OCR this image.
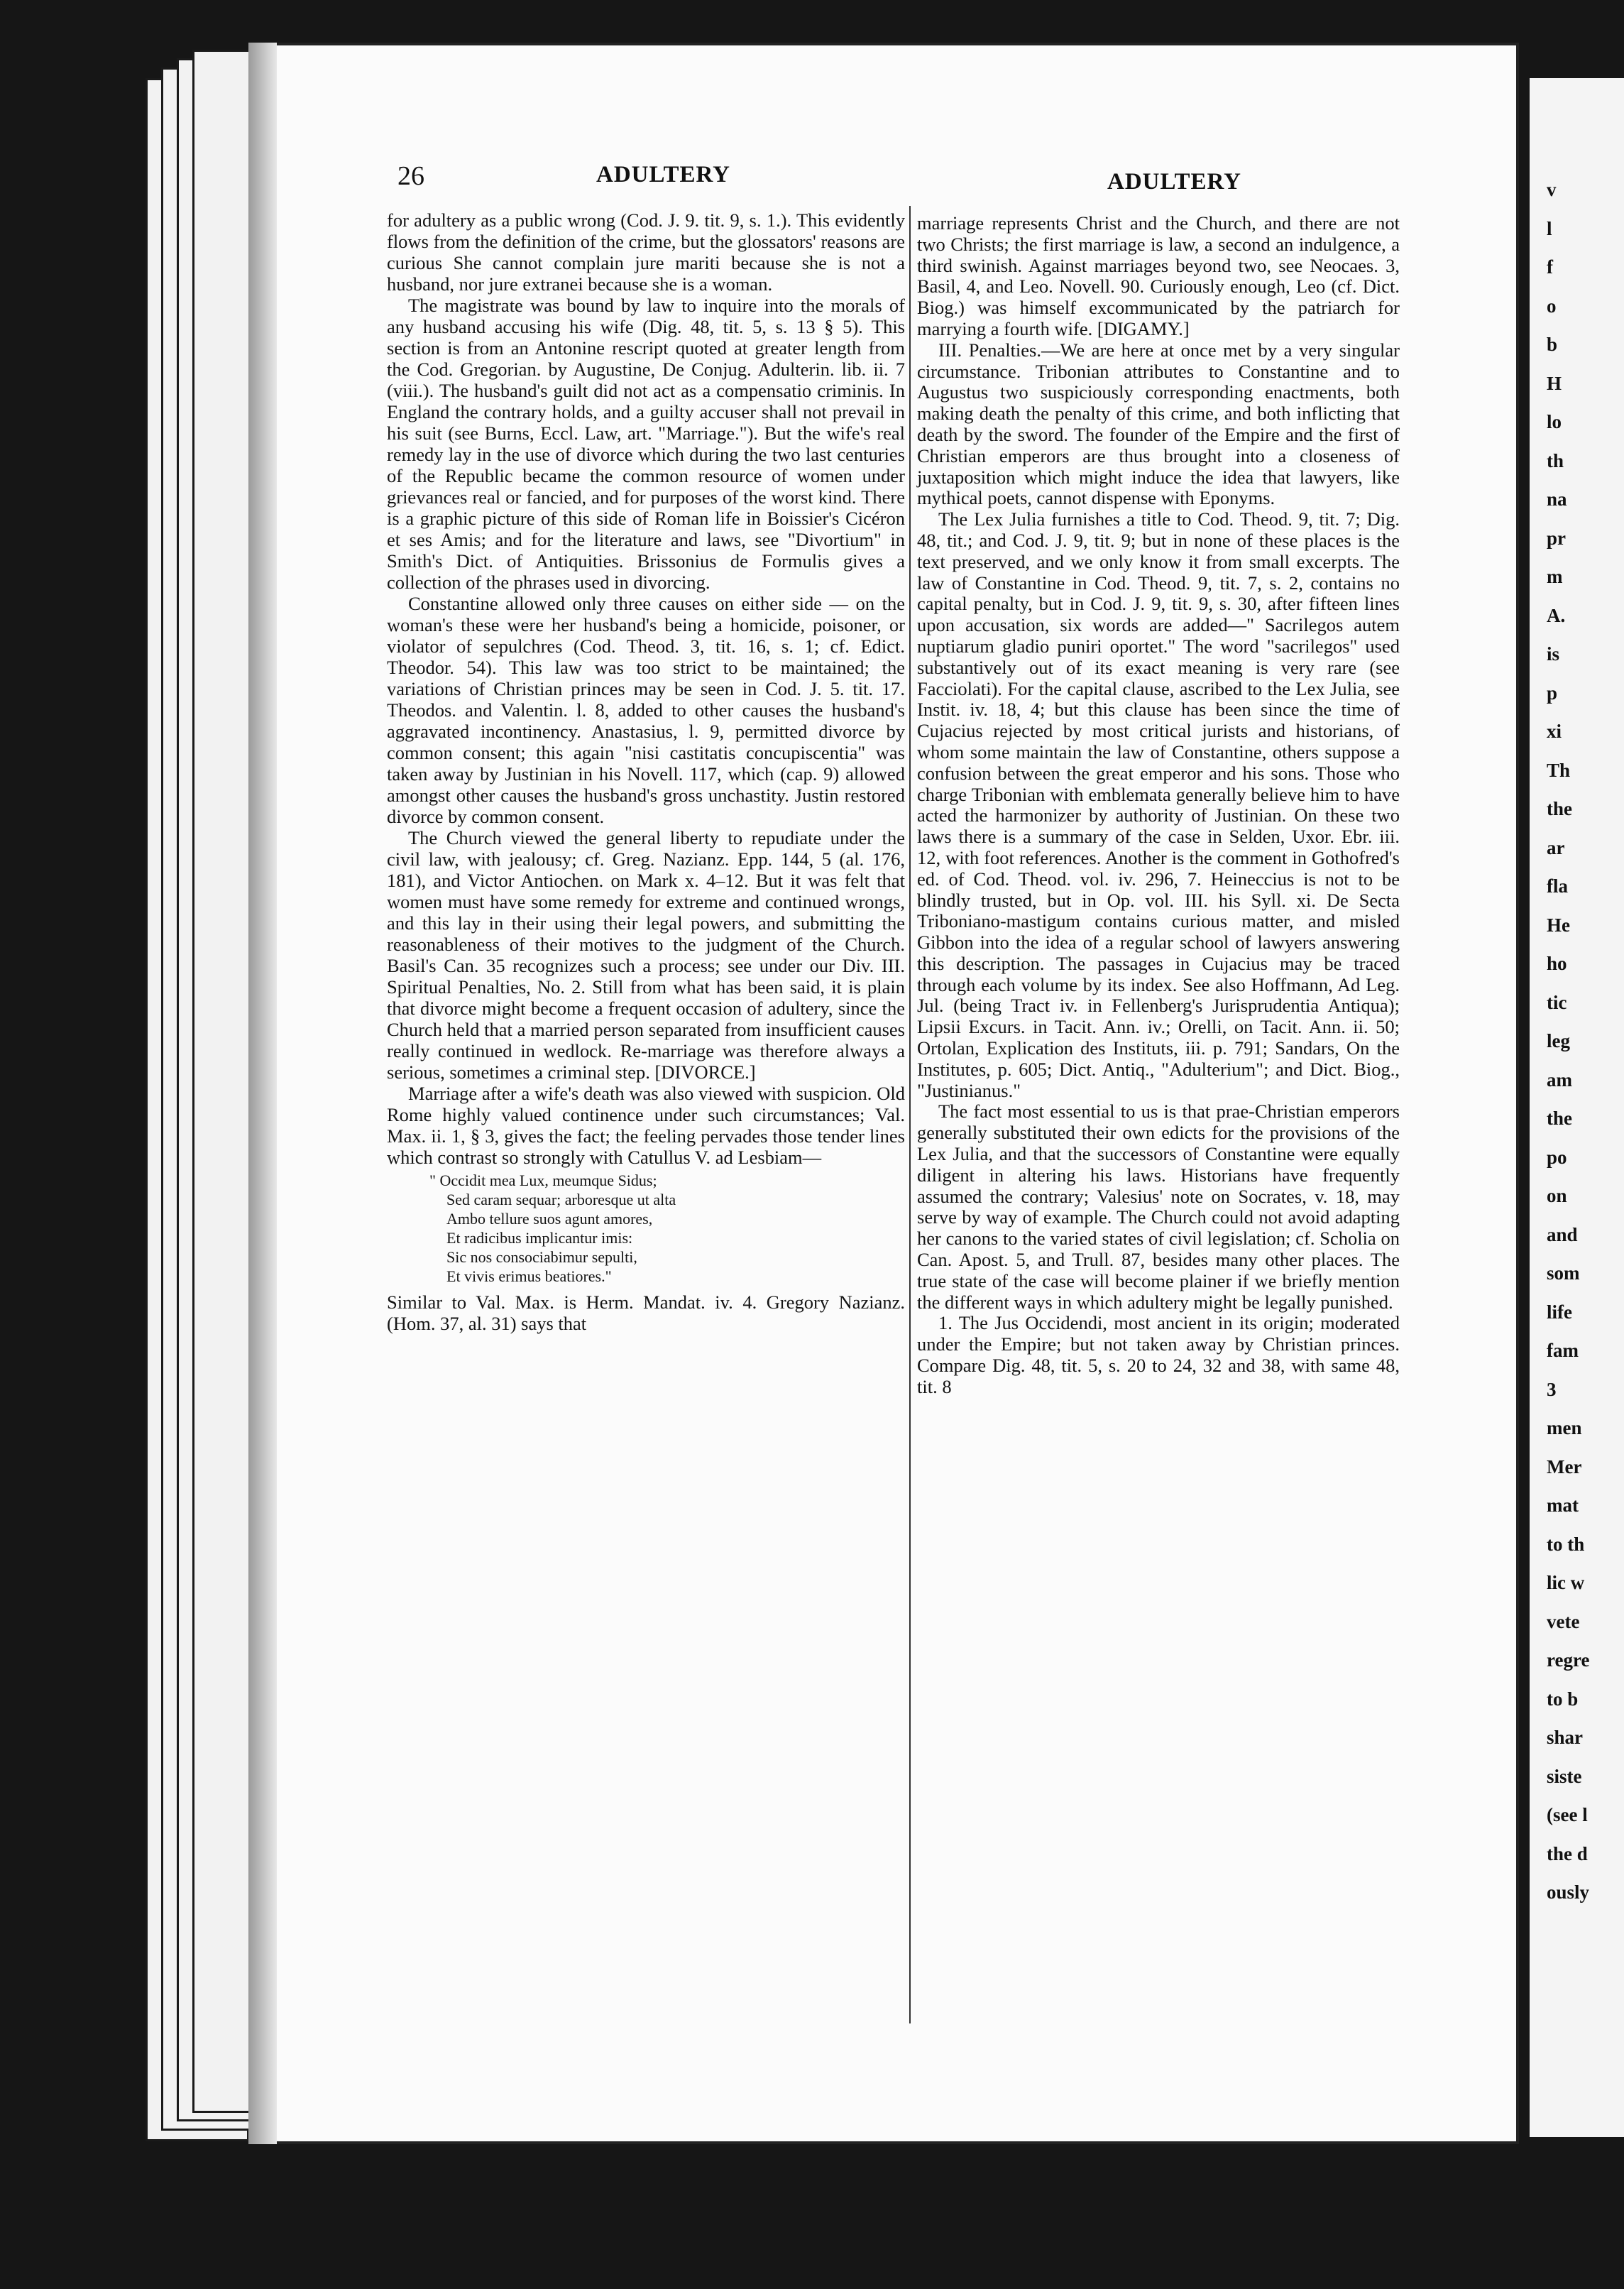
v
l
f
o
b
H
lo
th
na
pr
m
A.
is
p
xi
Th
the
ar
fla
He
ho
tic
leg
am
the
po
on
and
som
life
fam
3
men
Mer
mat
to th
lic w
vete
regre
to b
shar
siste
(see l
the d
ously
26	ADULTERY	ADULTERY

for adultery as a public wrong (Cod. J. 9. tit. 9, s. 1.). This evidently flows from the definition of the crime, but the glossators' reasons are curious She cannot complain jure mariti because she is not a husband, nor jure extranei because she is a woman.

The magistrate was bound by law to inquire into the morals of any husband accusing his wife (Dig. 48, tit. 5, s. 13 § 5). This section is from an Antonine rescript quoted at greater length from the Cod. Gregorian. by Augustine, De Conjug. Adulterin. lib. ii. 7 (viii.). The husband's guilt did not act as a compensatio criminis. In England the contrary holds, and a guilty accuser shall not prevail in his suit (see Burns, Eccl. Law, art. "Marriage."). But the wife's real remedy lay in the use of divorce which during the two last centuries of the Republic became the common resource of women under grievances real or fancied, and for purposes of the worst kind. There is a graphic picture of this side of Roman life in Boissier's Cicéron et ses Amis; and for the literature and laws, see "Divortium" in Smith's Dict. of Antiquities. Brissonius de Formulis gives a collection of the phrases used in divorcing.

Constantine allowed only three causes on either side — on the woman's these were her husband's being a homicide, poisoner, or violator of sepulchres (Cod. Theod. 3, tit. 16, s. 1; cf. Edict. Theodor. 54). This law was too strict to be maintained; the variations of Christian princes may be seen in Cod. J. 5. tit. 17. Theodos. and Valentin. l. 8, added to other causes the husband's aggravated incontinency. Anastasius, l. 9, permitted divorce by common consent; this again "nisi castitatis concupiscentia" was taken away by Justinian in his Novell. 117, which (cap. 9) allowed amongst other causes the husband's gross unchastity. Justin restored divorce by common consent.

The Church viewed the general liberty to repudiate under the civil law, with jealousy; cf. Greg. Nazianz. Epp. 144, 5 (al. 176, 181), and Victor Antiochen. on Mark x. 4–12. But it was felt that women must have some remedy for extreme and continued wrongs, and this lay in their using their legal powers, and submitting the reasonableness of their motives to the judgment of the Church. Basil's Can. 35 recognizes such a process; see under our Div. III. Spiritual Penalties, No. 2. Still from what has been said, it is plain that divorce might become a frequent occasion of adultery, since the Church held that a married person separated from insufficient causes really continued in wedlock. Re-marriage was therefore always a serious, sometimes a criminal step. [DIVORCE.]

Marriage after a wife's death was also viewed with suspicion. Old Rome highly valued continence under such circumstances; Val. Max. ii. 1, § 3, gives the fact; the feeling pervades those tender lines which contrast so strongly with Catullus V. ad Lesbiam—

" Occidit mea Lux, meumque Sidus;
Sed caram sequar; arboresque ut alta
Ambo tellure suos agunt amores,
Et radicibus implicantur imis:
Sic nos consociabimur sepulti,
Et vivis erimus beatiores."

Similar to Val. Max. is Herm. Mandat. iv. 4. Gregory Nazianz. (Hom. 37, al. 31) says that

marriage represents Christ and the Church, and there are not two Christs; the first marriage is law, a second an indulgence, a third swinish. Against marriages beyond two, see Neocaes. 3, Basil, 4, and Leo. Novell. 90. Curiously enough, Leo (cf. Dict. Biog.) was himself excommunicated by the patriarch for marrying a fourth wife. [DIGAMY.]

III. Penalties.—We are here at once met by a very singular circumstance. Tribonian attributes to Constantine and to Augustus two suspiciously corresponding enactments, both making death the penalty of this crime, and both inflicting that death by the sword. The founder of the Empire and the first of Christian emperors are thus brought into a closeness of juxtaposition which might induce the idea that lawyers, like mythical poets, cannot dispense with Eponyms.

The Lex Julia furnishes a title to Cod. Theod. 9, tit. 7; Dig. 48, tit.; and Cod. J. 9, tit. 9; but in none of these places is the text preserved, and we only know it from small excerpts. The law of Constantine in Cod. Theod. 9, tit. 7, s. 2, contains no capital penalty, but in Cod. J. 9, tit. 9, s. 30, after fifteen lines upon accusation, six words are added—" Sacrilegos autem nuptiarum gladio puniri oportet." The word "sacrilegos" used substantively out of its exact meaning is very rare (see Facciolati). For the capital clause, ascribed to the Lex Julia, see Instit. iv. 18, 4; but this clause has been since the time of Cujacius rejected by most critical jurists and historians, of whom some maintain the law of Constantine, others suppose a confusion between the great emperor and his sons. Those who charge Tribonian with emblemata generally believe him to have acted the harmonizer by authority of Justinian. On these two laws there is a summary of the case in Selden, Uxor. Ebr. iii. 12, with foot references. Another is the comment in Gothofred's ed. of Cod. Theod. vol. iv. 296, 7. Heineccius is not to be blindly trusted, but in Op. vol. III. his Syll. xi. De Secta Triboniano-mastigum contains curious matter, and misled Gibbon into the idea of a regular school of lawyers answering this description. The passages in Cujacius may be traced through each volume by its index. See also Hoffmann, Ad Leg. Jul. (being Tract iv. in Fellenberg's Jurisprudentia Antiqua); Lipsii Excurs. in Tacit. Ann. iv.; Orelli, on Tacit. Ann. ii. 50; Ortolan, Explication des Instituts, iii. p. 791; Sandars, On the Institutes, p. 605; Dict. Antiq., "Adulterium"; and Dict. Biog., "Justinianus."

The fact most essential to us is that prae-Christian emperors generally substituted their own edicts for the provisions of the Lex Julia, and that the successors of Constantine were equally diligent in altering his laws. Historians have frequently assumed the contrary; Valesius' note on Socrates, v. 18, may serve by way of example. The Church could not avoid adapting her canons to the varied states of civil legislation; cf. Scholia on Can. Apost. 5, and Trull. 87, besides many other places. The true state of the case will become plainer if we briefly mention the different ways in which adultery might be legally punished.

1. The Jus Occidendi, most ancient in its origin; moderated under the Empire; but not taken away by Christian princes. Compare Dig. 48, tit. 5, s. 20 to 24, 32 and 38, with same 48, tit. 8
